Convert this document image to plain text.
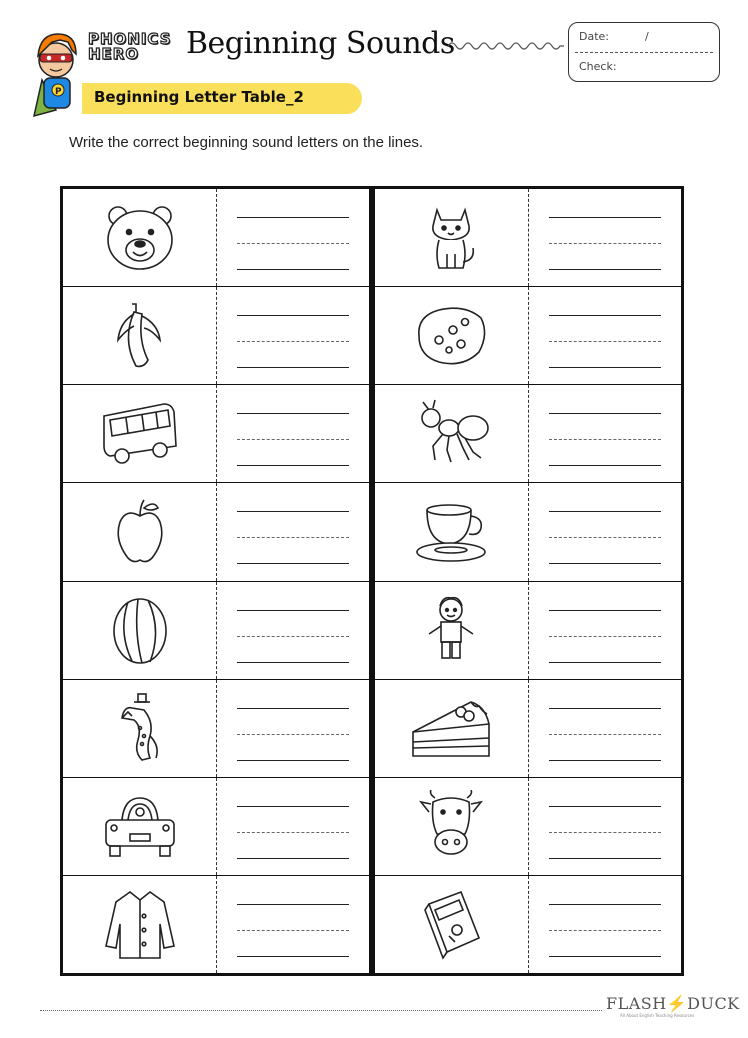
P
PHONICS
HERO	Beginning Sounds
Beginning Letter Table_2
Date:	/
Check:
Write the correct beginning sound letters on the lines.
FLASH⚡DUCK
All About English Teaching Resources
